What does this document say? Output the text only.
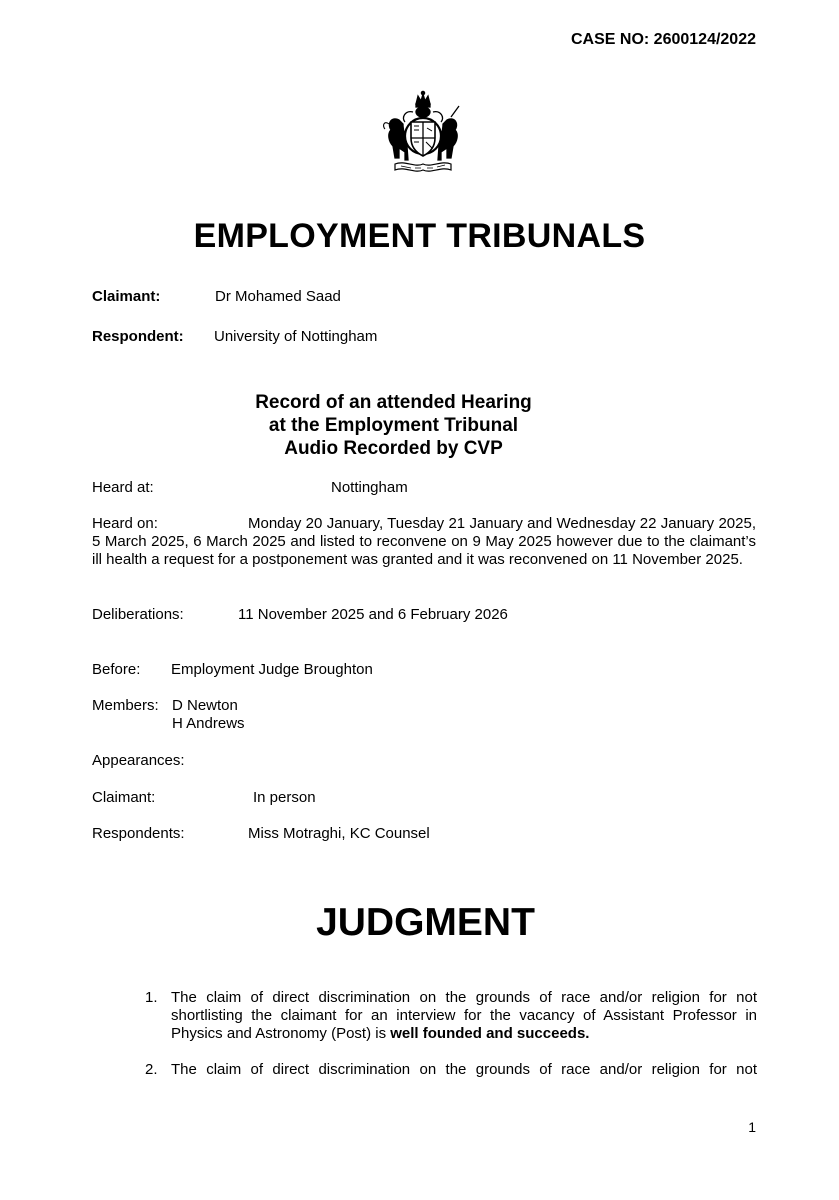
CASE NO: 2600124/2022
EMPLOYMENT TRIBUNALS
Claimant:	Dr Mohamed Saad
Respondent: University of Nottingham
Record of an attended Hearing
at the Employment Tribunal
Audio Recorded by CVP
Heard at:	Nottingham
Heard on:	Monday 20 January, Tuesday 21 January and Wednesday 22 January 2025, 5 March 2025, 6 March 2025 and listed to reconvene on 9 May 2025 however due to the claimant’s ill health a request for a postponement was granted and it was reconvened on 11 November 2025.
Deliberations:	11 November 2025 and 6 February 2026
Before: Employment Judge Broughton
Members: D Newton
H Andrews
Appearances:
Claimant:	In person
Respondents:	Miss Motraghi, KC Counsel
JUDGMENT
1. The claim of direct discrimination on the grounds of race and/or religion for not shortlisting the claimant for an interview for the vacancy of Assistant Professor in Physics and Astronomy (Post) is well founded and succeeds.
2. The claim of direct discrimination on the grounds of race and/or religion for not
1
